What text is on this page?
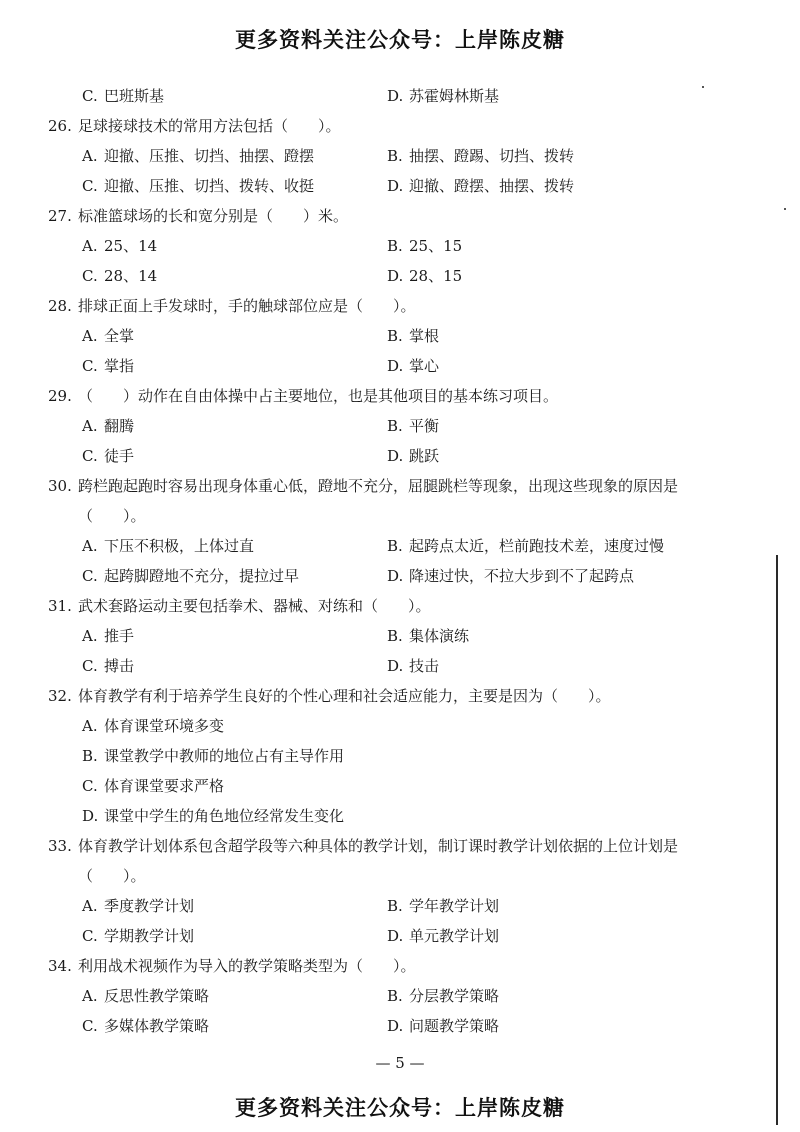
更多资料关注公众号：上岸陈皮糖
C. 巴班斯基	D. 苏霍姆林斯基
26. 足球接球技术的常用方法包括（　　）。
A. 迎撤、压推、切挡、抽摆、蹬摆	B. 抽摆、蹬踢、切挡、拨转
C. 迎撤、压推、切挡、拨转、收挺	D. 迎撤、蹬摆、抽摆、拨转
27. 标准篮球场的长和宽分别是（　　）米。
A. 25、14	B. 25、15
C. 28、14	D. 28、15
28. 排球正面上手发球时，手的触球部位应是（　　）。
A. 全掌	B. 掌根
C. 掌指	D. 掌心
29. （　　）动作在自由体操中占主要地位，也是其他项目的基本练习项目。
A. 翻腾	B. 平衡
C. 徒手	D. 跳跃
30. 跨栏跑起跑时容易出现身体重心低，蹬地不充分，屈腿跳栏等现象，出现这些现象的原因是（　　）。
A. 下压不积极，上体过直	B. 起跨点太近，栏前跑技术差，速度过慢
C. 起跨脚蹬地不充分，提拉过早	D. 降速过快，不拉大步到不了起跨点
31. 武术套路运动主要包括拳术、器械、对练和（　　）。
A. 推手	B. 集体演练
C. 搏击	D. 技击
32. 体育教学有利于培养学生良好的个性心理和社会适应能力，主要是因为（　　）。
A. 体育课堂环境多变
B. 课堂教学中教师的地位占有主导作用
C. 体育课堂要求严格
D. 课堂中学生的角色地位经常发生变化
33. 体育教学计划体系包含超学段等六种具体的教学计划，制订课时教学计划依据的上位计划是（　　）。
A. 季度教学计划	B. 学年教学计划
C. 学期教学计划	D. 单元教学计划
34. 利用战术视频作为导入的教学策略类型为（　　）。
A. 反思性教学策略	B. 分层教学策略
C. 多媒体教学策略	D. 问题教学策略
— 5 —
更多资料关注公众号：上岸陈皮糖
